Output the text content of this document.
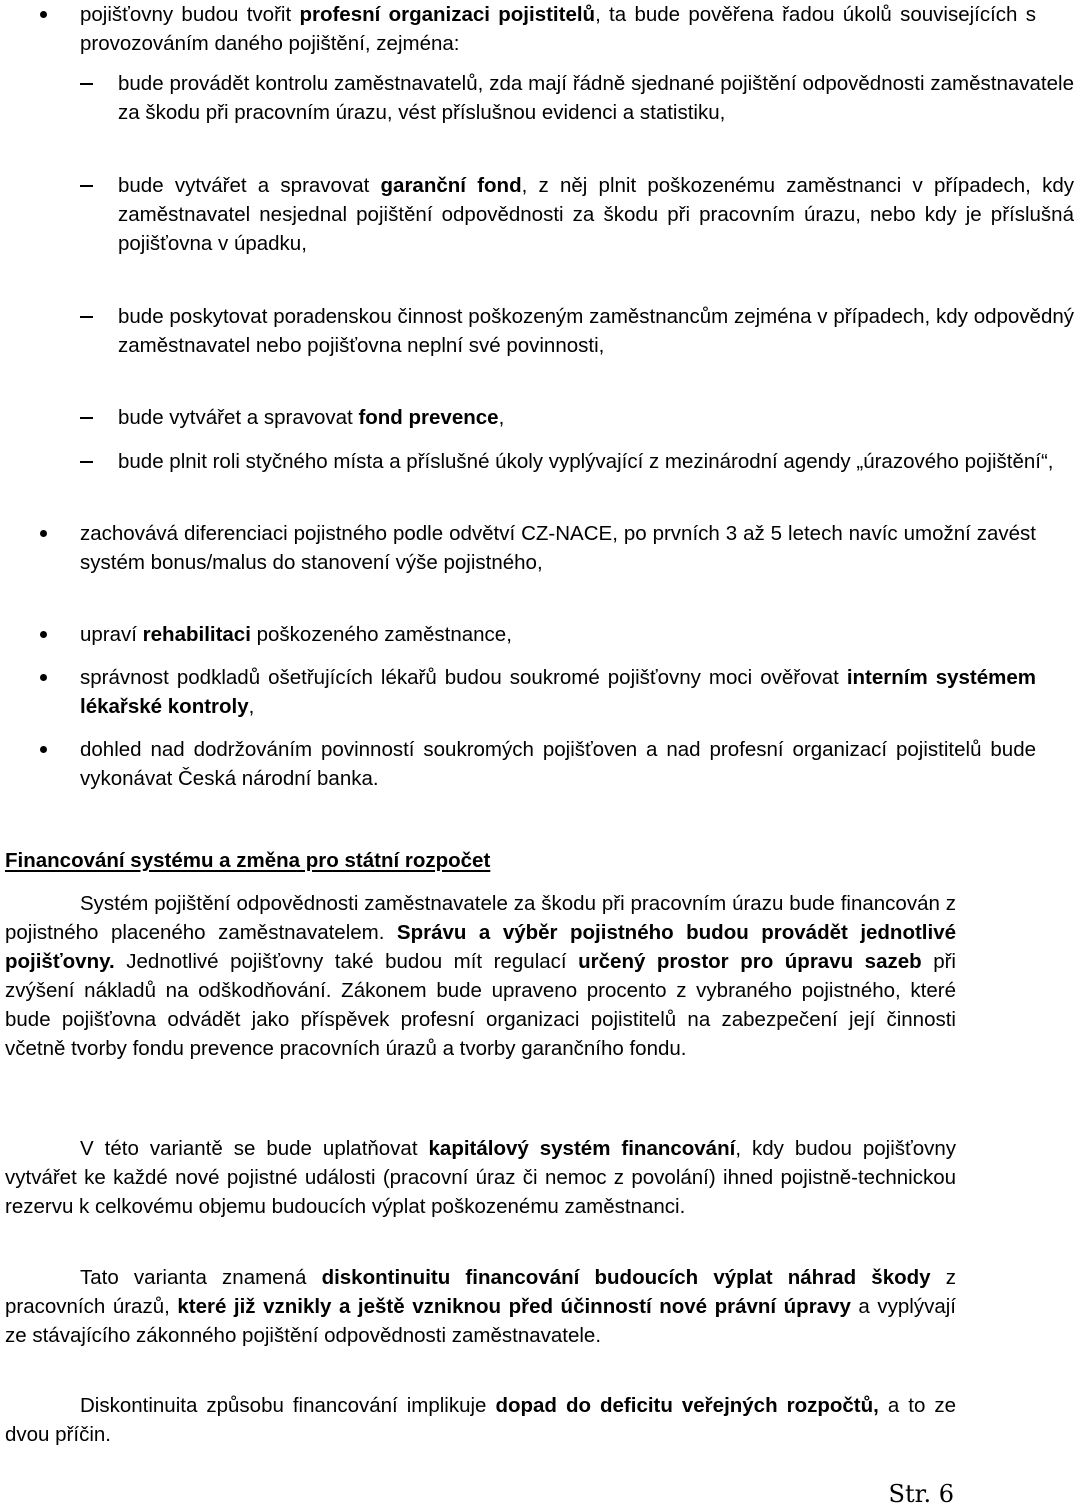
pojišťovny budou tvořit profesní organizaci pojistitelů, ta bude pověřena řadou úkolů souvisejících s provozováním daného pojištění, zejména:
bude provádět kontrolu zaměstnavatelů, zda mají řádně sjednané pojištění odpovědnosti zaměstnavatele za škodu při pracovním úrazu, vést příslušnou evidenci a statistiku,
bude vytvářet a spravovat garanční fond, z něj plnit poškozenému zaměstnanci v případech, kdy zaměstnavatel nesjednal pojištění odpovědnosti za škodu při pracovním úrazu, nebo kdy je příslušná pojišťovna v úpadku,
bude poskytovat poradenskou činnost poškozeným zaměstnancům zejména v případech, kdy odpovědný zaměstnavatel nebo pojišťovna neplní své povinnosti,
bude vytvářet a spravovat fond prevence,
bude plnit roli styčného místa a příslušné úkoly vyplývající z mezinárodní agendy „úrazového pojištění“,
zachovává diferenciaci pojistného podle odvětví CZ-NACE, po prvních 3 až 5 letech navíc umožní zavést systém bonus/malus do stanovení výše pojistného,
upraví rehabilitaci poškozeného zaměstnance,
správnost podkladů ošetřujících lékařů budou soukromé pojišťovny moci ověřovat interním systémem lékařské kontroly,
dohled nad dodržováním povinností soukromých pojišťoven a nad profesní organizací pojistitelů bude vykonávat Česká národní banka.
Financování systému a změna pro státní rozpočet
Systém pojištění odpovědnosti zaměstnavatele za škodu při pracovním úrazu bude financován z pojistného placeného zaměstnavatelem. Správu a výběr pojistného budou provádět jednotlivé pojišťovny. Jednotlivé pojišťovny také budou mít regulací určený prostor pro úpravu sazeb při zvýšení nákladů na odškodňování. Zákonem bude upraveno procento z vybraného pojistného, které bude pojišťovna odvádět jako příspěvek profesní organizaci pojistitelů na zabezpečení její činnosti včetně tvorby fondu prevence pracovních úrazů a tvorby garančního fondu.
V této variantě se bude uplatňovat kapitálový systém financování, kdy budou pojišťovny vytvářet ke každé nové pojistné události (pracovní úraz či nemoc z povolání) ihned pojistně-technickou rezervu k celkovému objemu budoucích výplat poškozenému zaměstnanci.
Tato varianta znamená diskontinuitu financování budoucích výplat náhrad škody z pracovních úrazů, které již vznikly a ještě vzniknou před účinností nové právní úpravy a vyplývají ze stávajícího zákonného pojištění odpovědnosti zaměstnavatele.
Diskontinuita způsobu financování implikuje dopad do deficitu veřejných rozpočtů, a to ze dvou příčin.
Str. 6
